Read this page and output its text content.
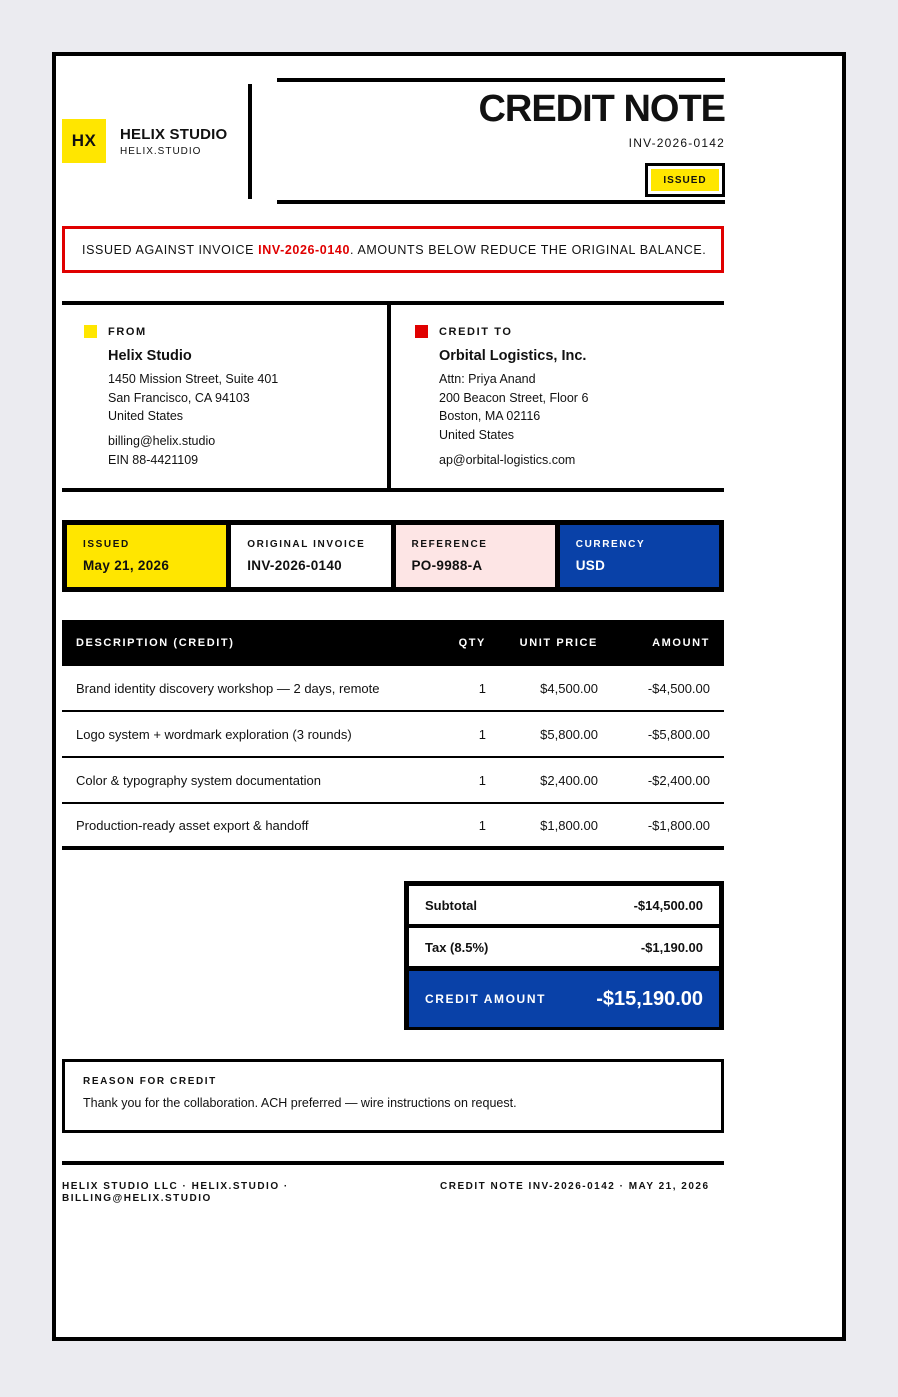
HX	HELIX STUDIO
HELIX.STUDIO
CREDIT NOTE
INV-2026-0142
ISSUED
ISSUED AGAINST INVOICE INV-2026-0140 . AMOUNTS BELOW REDUCE THE ORIGINAL BALANCE.
FROM
Helix Studio
1450 Mission Street, Suite 401
San Francisco, CA 94103
United States
billing@helix.studio
EIN 88-4421109
CREDIT TO
Orbital Logistics, Inc.
Attn: Priya Anand
200 Beacon Street, Floor 6
Boston, MA 02116
United States
ap@orbital-logistics.com
ISSUED
May 21, 2026
ORIGINAL INVOICE
INV-2026-0140
REFERENCE
PO-9988-A
CURRENCY
USD
DESCRIPTION (CREDIT)	QTY	UNIT PRICE	AMOUNT
Brand identity discovery workshop — 2 days, remote	1	$4,500.00	-$4,500.00
Logo system + wordmark exploration (3 rounds)	1	$5,800.00	-$5,800.00
Color & typography system documentation	1	$2,400.00	-$2,400.00
Production-ready asset export & handoff	1	$1,800.00	-$1,800.00
Subtotal	-$14,500.00
Tax (8.5%)	-$1,190.00
CREDIT AMOUNT	-$15,190.00
REASON FOR CREDIT
Thank you for the collaboration. ACH preferred — wire instructions on request.
HELIX STUDIO LLC · HELIX.STUDIO · BILLING@HELIX.STUDIO
CREDIT NOTE INV-2026-0142 · MAY 21, 2026
